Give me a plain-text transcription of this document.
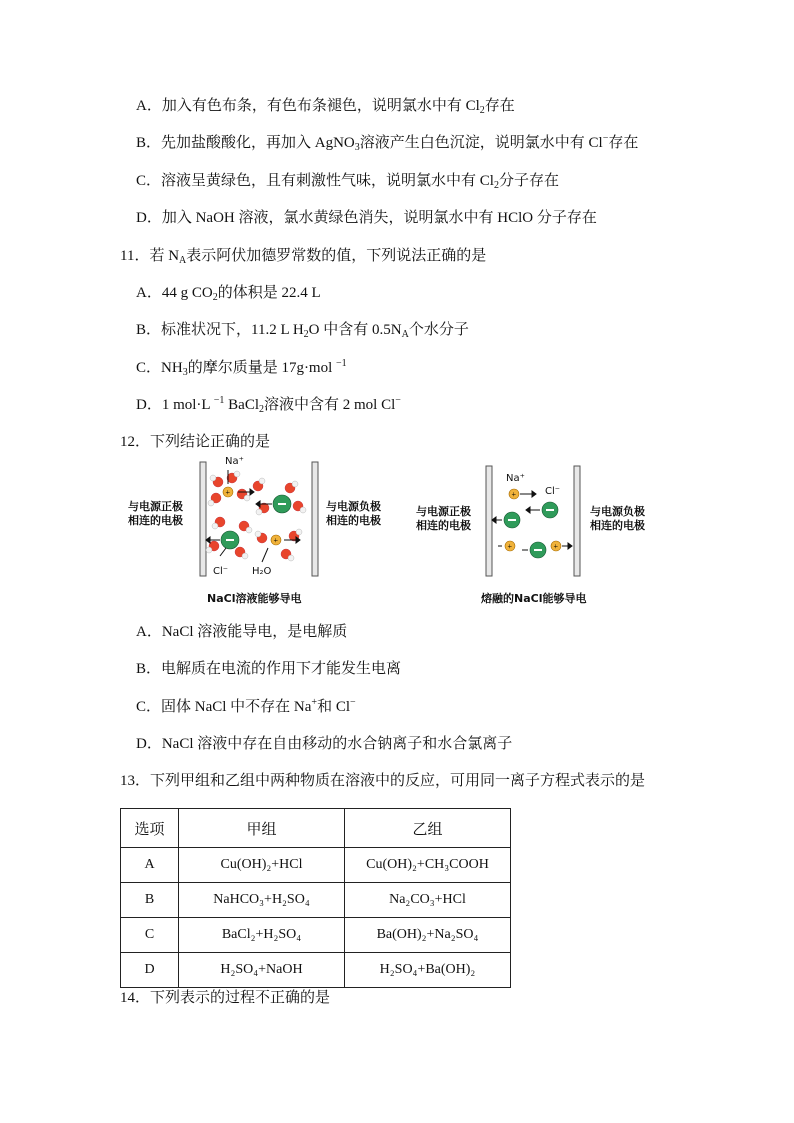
A．加入有色布条，有色布条褪色，说明氯水中有 $Cl_2$存在
B．先加盐酸酸化，再加入 AgNO$_3$溶液产生白色沉淀，说明氯水中有 Cl−存在
C．溶液呈黄绿色，且有刺激性气味，说明氯水中有 $Cl_2$分子存在
D．加入 NaOH 溶液，氯水黄绿色消失，说明氯水中有 HClO 分子存在
11．若 $N_A$表示阿伏加德罗常数的值，下列说法正确的是
A．44 g $CO_2$的体积是 22.4 L
B．标准状况下，11.2 L $H_2O$ 中含有 $0.5N_A$个水分子
C．$NH_3$的摩尔质量是 17g·mol $^{-1}$
D．1 mol·L $^{-1}$ BaCl$_2$溶液中含有 2 mol Cl−
12．下列结论正确的是
与电源正极
相连的电极
与电源负极
相连的电极
+
+
Na⁺
Cl⁻ H₂O
NaCl溶液能够导电
与电源正极
相连的电极
与电源负极
相连的电极
+
+	+
Na⁺
Cl⁻
熔融的NaCl能够导电
A．NaCl 溶液能导电，是电解质
B．电解质在电流的作用下才能发生电离
C．固体 NaCl 中不存在 Na+和 Cl−
D．NaCl 溶液中存在自由移动的水合钠离子和水合氯离子
13．下列甲组和乙组中两种物质在溶液中的反应，可用同一离子方程式表示的是
选项	甲组	乙组
A	Cu(OH)₂+HCl	Cu(OH)₂+CH₃COOH
B	NaHCO₃+H₂SO₄	Na₂CO₃+HCl
C	BaCl₂+H₂SO₄	Ba(OH)₂+Na₂SO₄
D	H₂SO₄+NaOH	H₂SO₄+Ba(OH)₂
14．下列表示的过程不正确的是
